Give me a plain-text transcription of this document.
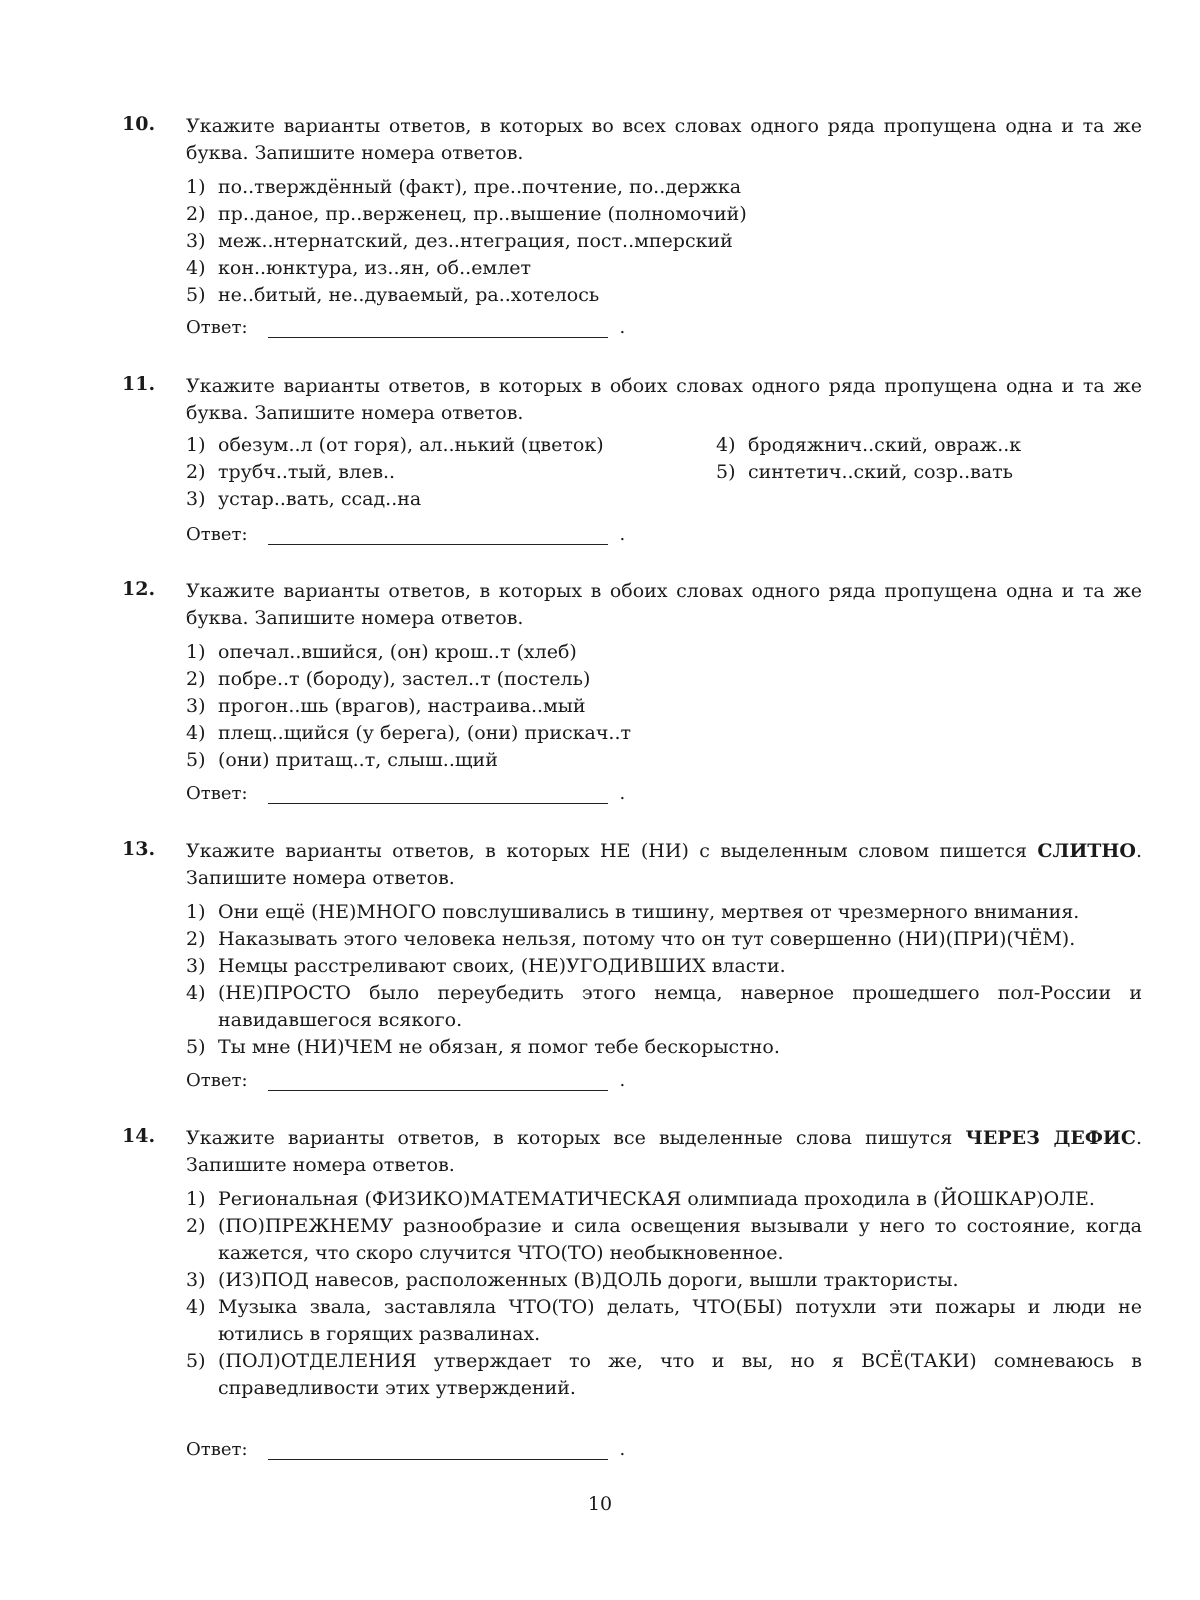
10. Укажите варианты ответов, в которых во всех словах одного ряда пропущена одна и та же буква. Запишите номера ответов.
1) по..тверждённый (факт), пре..почтение, по..держка
2) пр..даное, пр..верженец, пр..вышение (полномочий)
3) меж..нтернатский, дез..нтеграция, пост..мперский
4) кон..юнктура, из..ян, об..емлет
5) не..битый, не..дуваемый, ра..хотелось
Ответ:	.
11. Укажите варианты ответов, в которых в обоих словах одного ряда пропущена одна и та же буква. Запишите номера ответов.
1) обезум..л (от горя), ал..нький (цветок)	4) бродяжнич..ский, овраж..к
2) трубч..тый, влев..	5) синтетич..ский, созр..вать
3) устар..вать, ссад..на
Ответ:	.
12. Укажите варианты ответов, в которых в обоих словах одного ряда пропущена одна и та же буква. Запишите номера ответов.
1) опечал..вшийся, (он) крош..т (хлеб)
2) побре..т (бороду), застел..т (постель)
3) прогон..шь (врагов), настраива..мый
4) плещ..щийся (у берега), (они) прискач..т
5) (они) притащ..т, слыш..щий
Ответ:	.
13. Укажите варианты ответов, в которых НЕ (НИ) с выделенным словом пишется СЛИТНО. Запишите номера ответов.
1) Они ещё (НЕ)МНОГО повслушивались в тишину, мертвея от чрезмерного внимания.
2) Наказывать этого человека нельзя, потому что он тут совершенно (НИ)(ПРИ)(ЧЁМ).
3) Немцы расстреливают своих, (НЕ)УГОДИВШИХ власти.
4) (НЕ)ПРОСТО было переубедить этого немца, наверное прошедшего пол-России и навидавшегося всякого.
5) Ты мне (НИ)ЧЕМ не обязан, я помог тебе бескорыстно.
Ответ:	.
14. Укажите варианты ответов, в которых все выделенные слова пишутся ЧЕРЕЗ ДЕФИС. Запишите номера ответов.
1) Региональная (ФИЗИКО)МАТЕМАТИЧЕСКАЯ олимпиада проходила в (ЙОШКАР)ОЛЕ.
2) (ПО)ПРЕЖНЕМУ разнообразие и сила освещения вызывали у него то состояние, когда кажется, что скоро случится ЧТО(ТО) необыкновенное.
3) (ИЗ)ПОД навесов, расположенных (В)ДОЛЬ дороги, вышли трактористы.
4) Музыка звала, заставляла ЧТО(ТО) делать, ЧТО(БЫ) потухли эти пожары и люди не ютились в горящих развалинах.
5) (ПОЛ)ОТДЕЛЕНИЯ утверждает то же, что и вы, но я ВСЁ(ТАКИ) сомневаюсь в справедливости этих утверждений.
Ответ:	.
10
